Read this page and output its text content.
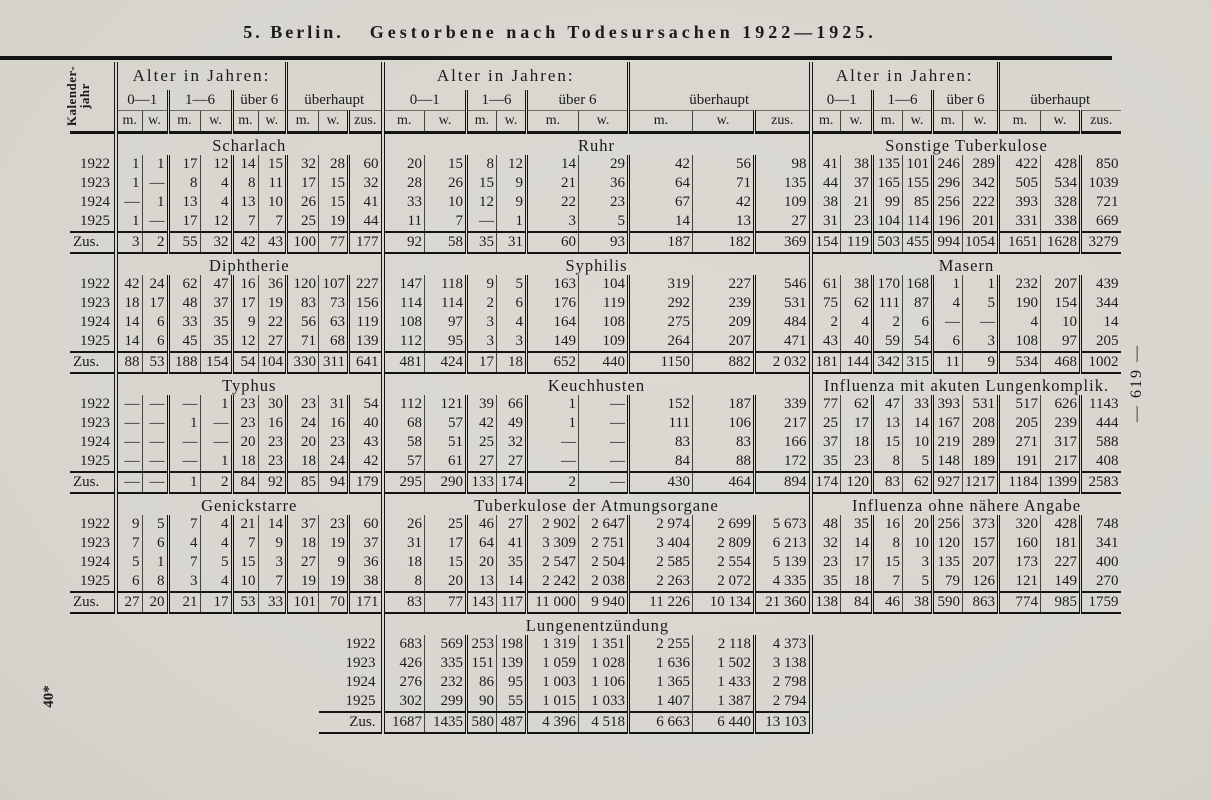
5. Berlin. Gestorbene nach Todesursachen 1922—1925.
Kalender-
jahr	Alter in Jahren:									Alter in Jahren:									Alter in Jahren:								
	0—1		1—6		über 6		überhaupt			0—1		1—6		über 6		überhaupt			0—1		1—6		über 6		überhaupt		
	m.	w.	m.	w.	m.	w.	m.	w.	zus.	m.	w.	m.	w.	m.	w.	m.	w.	zus.	m.	w.	m.	w.	m.	w.	m.	w.	zus.
	Scharlach									Ruhr									Sonstige Tuberkulose								
1922	1	1	17	12	14	15	32	28	60	20	15	8	12	14	29	42	56	98	41	38	135	101	246	289	422	428	850
1923	1	—	8	4	8	11	17	15	32	28	26	15	9	21	36	64	71	135	44	37	165	155	296	342	505	534	1039
1924	—	1	13	4	13	10	26	15	41	33	10	12	9	22	23	67	42	109	38	21	99	85	256	222	393	328	721
1925	1	—	17	12	7	7	25	19	44	11	7	—	1	3	5	14	13	27	31	23	104	114	196	201	331	338	669
Zus.	3	2	55	32	42	43	100	77	177	92	58	35	31	60	93	187	182	369	154	119	503	455	994	1054	1651	1628	3279
	Diphtherie									Syphilis									Masern								
1922	42	24	62	47	16	36	120	107	227	147	118	9	5	163	104	319	227	546	61	38	170	168	1	1	232	207	439
1923	18	17	48	37	17	19	83	73	156	114	114	2	6	176	119	292	239	531	75	62	111	87	4	5	190	154	344
1924	14	6	33	35	9	22	56	63	119	108	97	3	4	164	108	275	209	484	2	4	2	6	—	—	4	10	14
1925	14	6	45	35	12	27	71	68	139	112	95	3	3	149	109	264	207	471	43	40	59	54	6	3	108	97	205
Zus.	88	53	188	154	54	104	330	311	641	481	424	17	18	652	440	1150	882	2 032	181	144	342	315	11	9	534	468	1002
	Typhus									Keuchhusten									Influenza mit akuten Lungenkomplik.								
1922	—	—	—	1	23	30	23	31	54	112	121	39	66	1	—	152	187	339	77	62	47	33	393	531	517	626	1143
1923	—	—	1	—	23	16	24	16	40	68	57	42	49	1	—	111	106	217	25	17	13	14	167	208	205	239	444
1924	—	—	—	—	20	23	20	23	43	58	51	25	32	—	—	83	83	166	37	18	15	10	219	289	271	317	588
1925	—	—	—	1	18	23	18	24	42	57	61	27	27	—	—	84	88	172	35	23	8	5	148	189	191	217	408
Zus.	—	—	1	2	84	92	85	94	179	295	290	133	174	2	—	430	464	894	174	120	83	62	927	1217	1184	1399	2583
	Genickstarre									Tuberkulose der Atmungsorgane									Influenza ohne nähere Angabe								
1922	9	5	7	4	21	14	37	23	60	26	25	46	27	2 902	2 647	2 974	2 699	5 673	48	35	16	20	256	373	320	428	748
1923	7	6	4	4	7	9	18	19	37	31	17	64	41	3 309	2 751	3 404	2 809	6 213	32	14	8	10	120	157	160	181	341
1924	5	1	7	5	15	3	27	9	36	18	15	20	35	2 547	2 504	2 585	2 554	5 139	23	17	15	3	135	207	173	227	400
1925	6	8	3	4	10	7	19	19	38	8	20	13	14	2 242	2 038	2 263	2 072	4 335	35	18	7	5	79	126	121	149	270
Zus.	27	20	21	17	53	33	101	70	171	83	77	143	117	11 000	9 940	11 226	10 134	21 360	138	84	46	38	590	863	774	985	1759
										Lungenentzündung																	
								1922		683	569	253	198	1 319	1 351	2 255	2 118	4 373									
								1923		426	335	151	139	1 059	1 028	1 636	1 502	3 138									
								1924		276	232	86	95	1 003	1 106	1 365	1 433	2 798									
								1925		302	299	90	55	1 015	1 033	1 407	1 387	2 794									
								Zus.		1687	1435	580	487	4 396	4 518	6 663	6 440	13 103									
— 619 —
40*
